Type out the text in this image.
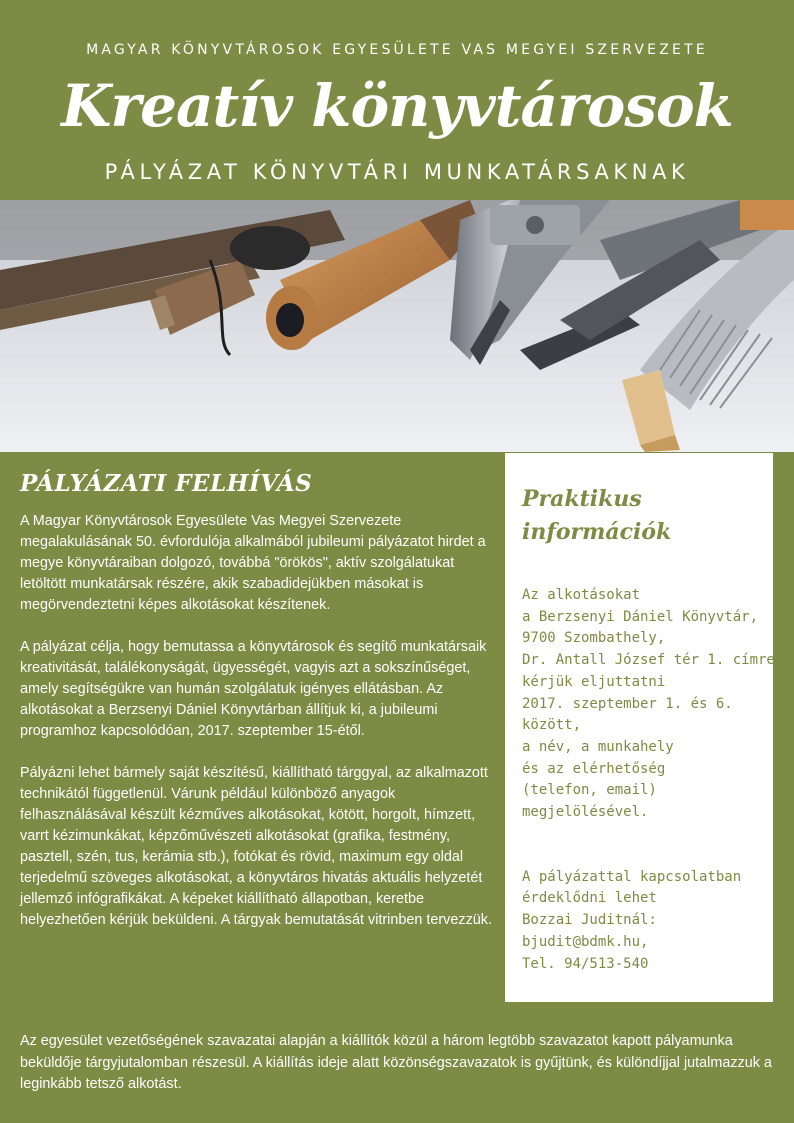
MAGYAR KÖNYVTÁROSOK EGYESÜLETE VAS MEGYEI SZERVEZETE
Kreatív könyvtárosok
PÁLYÁZAT KÖNYVTÁRI MUNKATÁRSAKNAK
PÁLYÁZATI FELHÍVÁS

A Magyar Könyvtárosok Egyesülete Vas Megyei Szervezete megalakulásának 50. évfordulója alkalmából jubileumi pályázatot hirdet a megye könyvtáraiban dolgozó, továbbá "örökös", aktív szolgálatukat letöltött munkatársak részére, akik szabadidejükben másokat is megörvendeztetni képes alkotásokat készítenek.

A pályázat célja, hogy bemutassa a könyvtárosok és segítő munkatársaik kreativitását, találékonyságát, ügyességét, vagyis azt a sokszínűséget, amely segítségükre van humán szolgálatuk igényes ellátásban. Az alkotásokat a Berzsenyi Dániel Könyvtárban állítjuk ki, a jubileumi programhoz kapcsolódóan, 2017. szeptember 15-étől.

Pályázni lehet bármely saját készítésű, kiállítható tárggyal, az alkalmazott technikától függetlenül. Várunk például különböző anyagok felhasználásával készült kézműves alkotásokat, kötött, horgolt, hímzett, varrt kézimunkákat, képzőművészeti alkotásokat (grafika, festmény, pasztell, szén, tus, kerámia stb.), fotókat és rövid, maximum egy oldal terjedelmű szöveges alkotásokat, a könyvtáros hivatás aktuális helyzetét jellemző infógrafikákat. A képeket kiállítható állapotban, keretbe helyezhetően kérjük beküldeni. A tárgyak bemutatását vitrinben tervezzük.

Praktikus
információk
Az alkotásokat
a Berzsenyi Dániel Könyvtár,
9700 Szombathely,
Dr. Antall József tér 1. címre
kérjük eljuttatni
2017. szeptember 1. és 6.
között,
a név, a munkahely
és az elérhetőség
(telefon, email)
megjelölésével.
A pályázattal kapcsolatban
érdeklődni lehet
Bozzai Juditnál:
bjudit@bdmk.hu,
Tel. 94/513-540
Az egyesület vezetőségének szavazatai alapján a kiállítók közül a három legtöbb szavazatot kapott pályamunka beküldője tárgyjutalomban részesül. A kiállítás ideje alatt közönségszavazatok is gyűjtünk, és különdíjjal jutalmazzuk a leginkább tetsző alkotást.
